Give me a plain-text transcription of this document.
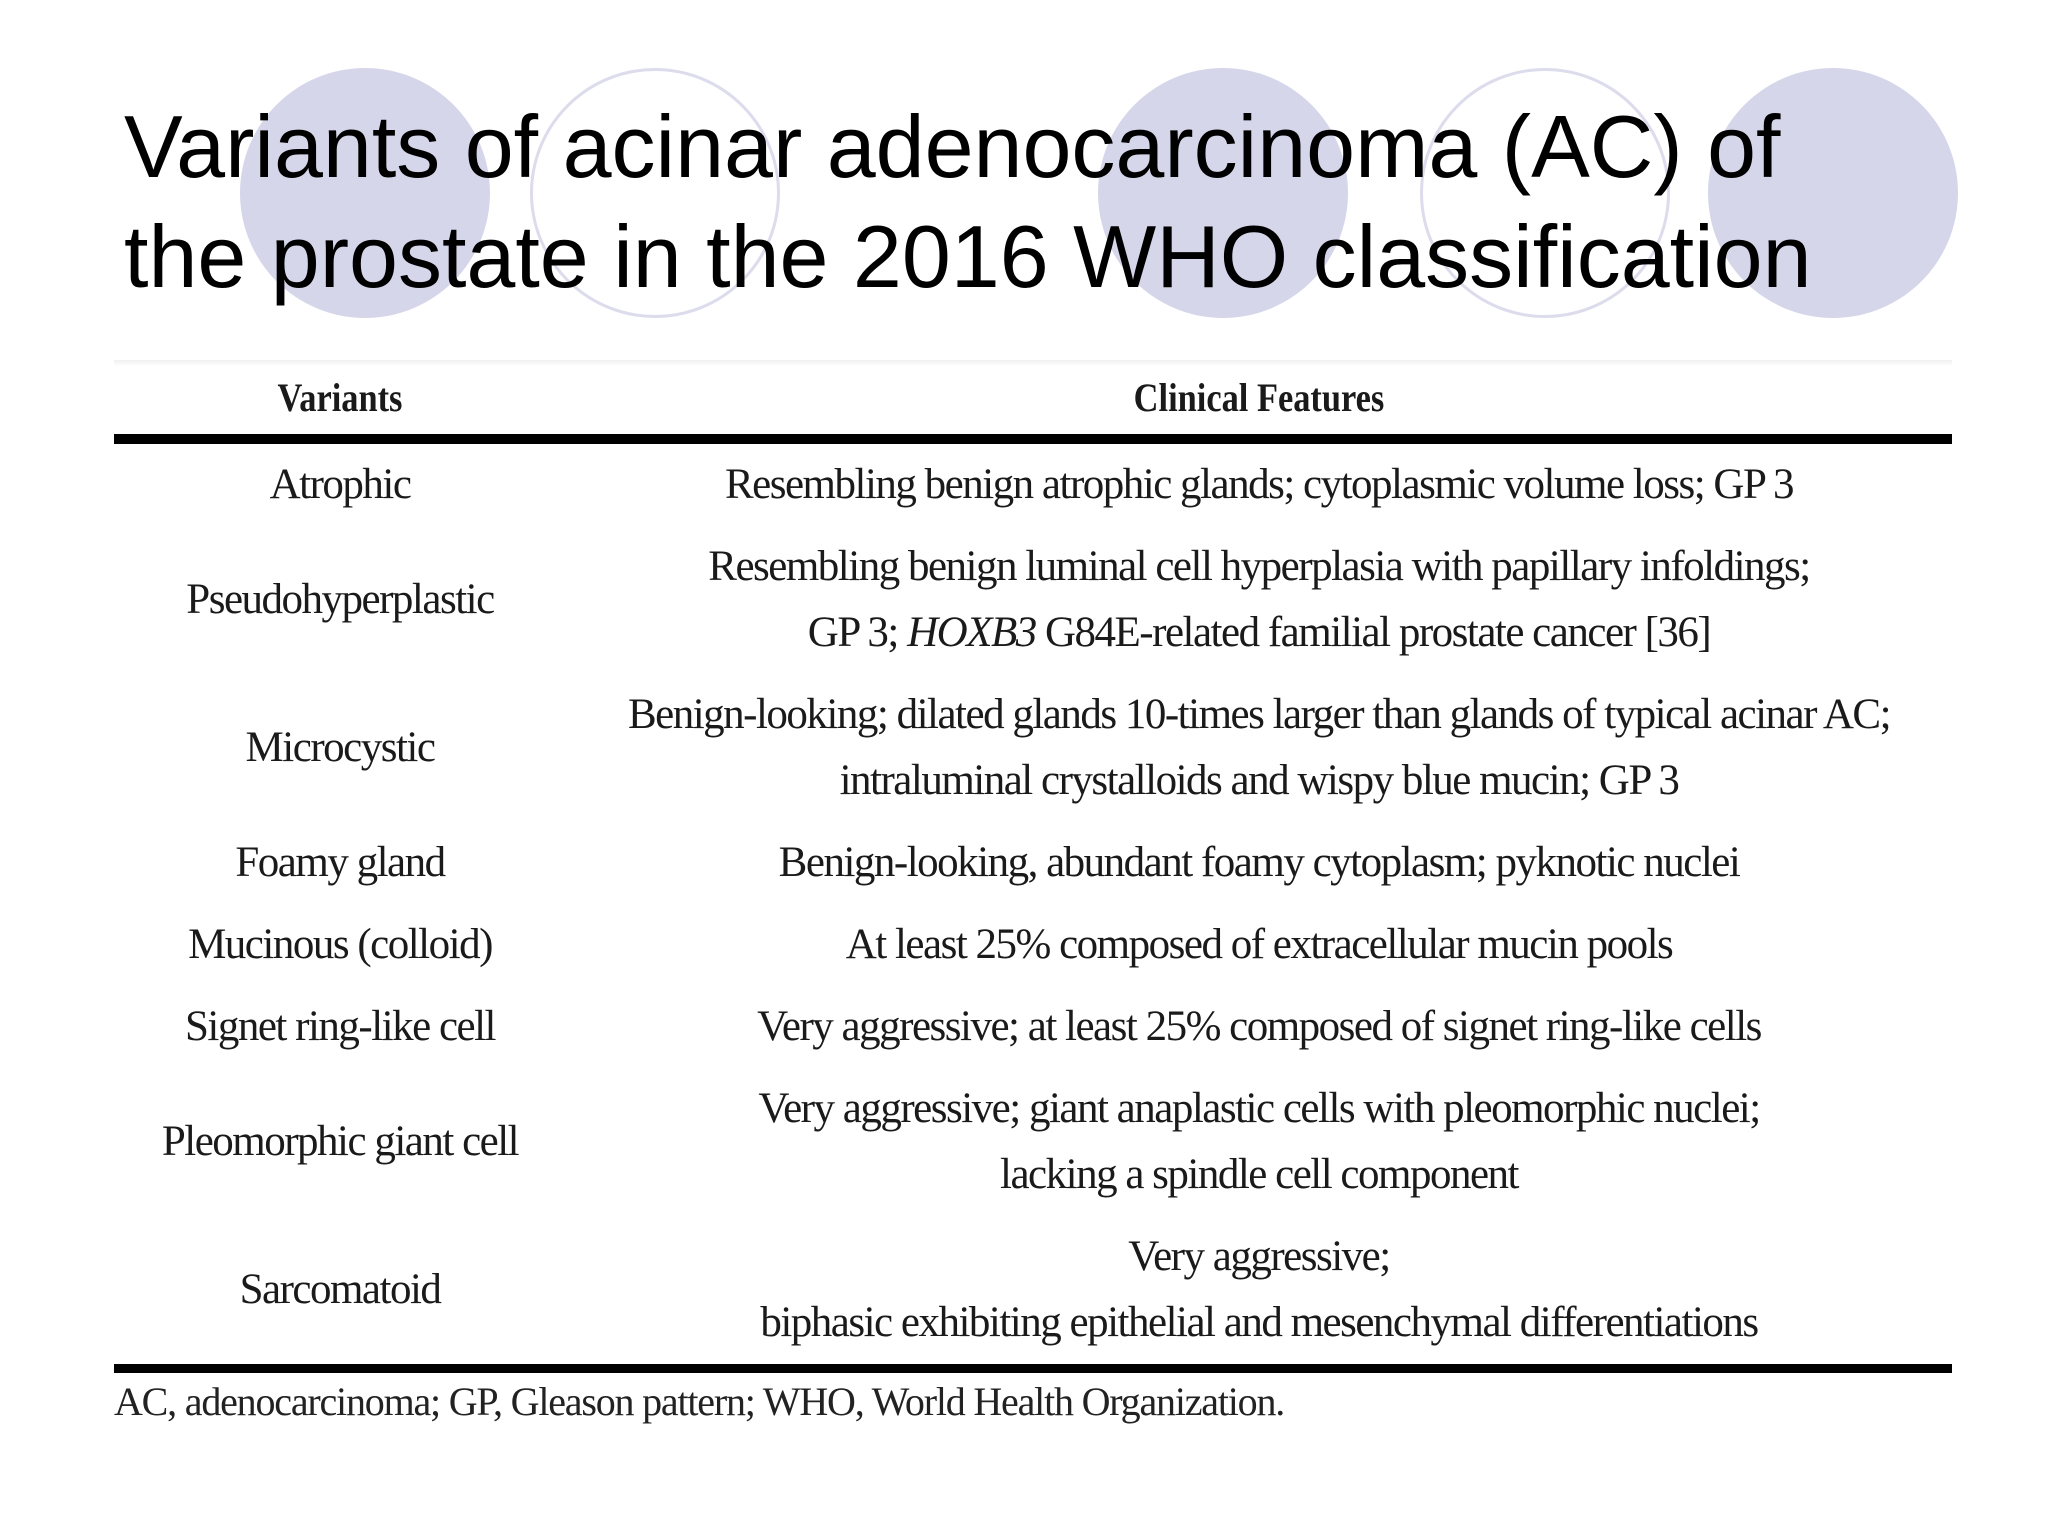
Variants of acinar adenocarcinoma (AC) of
the prostate in the 2016 WHO classification
Variants	Clinical Features
Atrophic	Resembling benign atrophic glands; cytoplasmic volume loss; GP 3

Pseudohyperplastic	Resembling benign luminal cell hyperplasia with papillary infoldings;
GP 3; HOXB3 G84E-related familial prostate cancer [36]

Microcystic	Benign-looking; dilated glands 10-times larger than glands of typical acinar AC;
intraluminal crystalloids and wispy blue mucin; GP 3

Foamy gland	Benign-looking, abundant foamy cytoplasm; pyknotic nuclei

Mucinous (colloid)	At least 25% composed of extracellular mucin pools

Signet ring-like cell	Very aggressive; at least 25% composed of signet ring-like cells

Pleomorphic giant cell	Very aggressive; giant anaplastic cells with pleomorphic nuclei;
lacking a spindle cell component

Sarcomatoid	Very aggressive;
biphasic exhibiting epithelial and mesenchymal differentiations
AC, adenocarcinoma; GP, Gleason pattern; WHO, World Health Organization.
